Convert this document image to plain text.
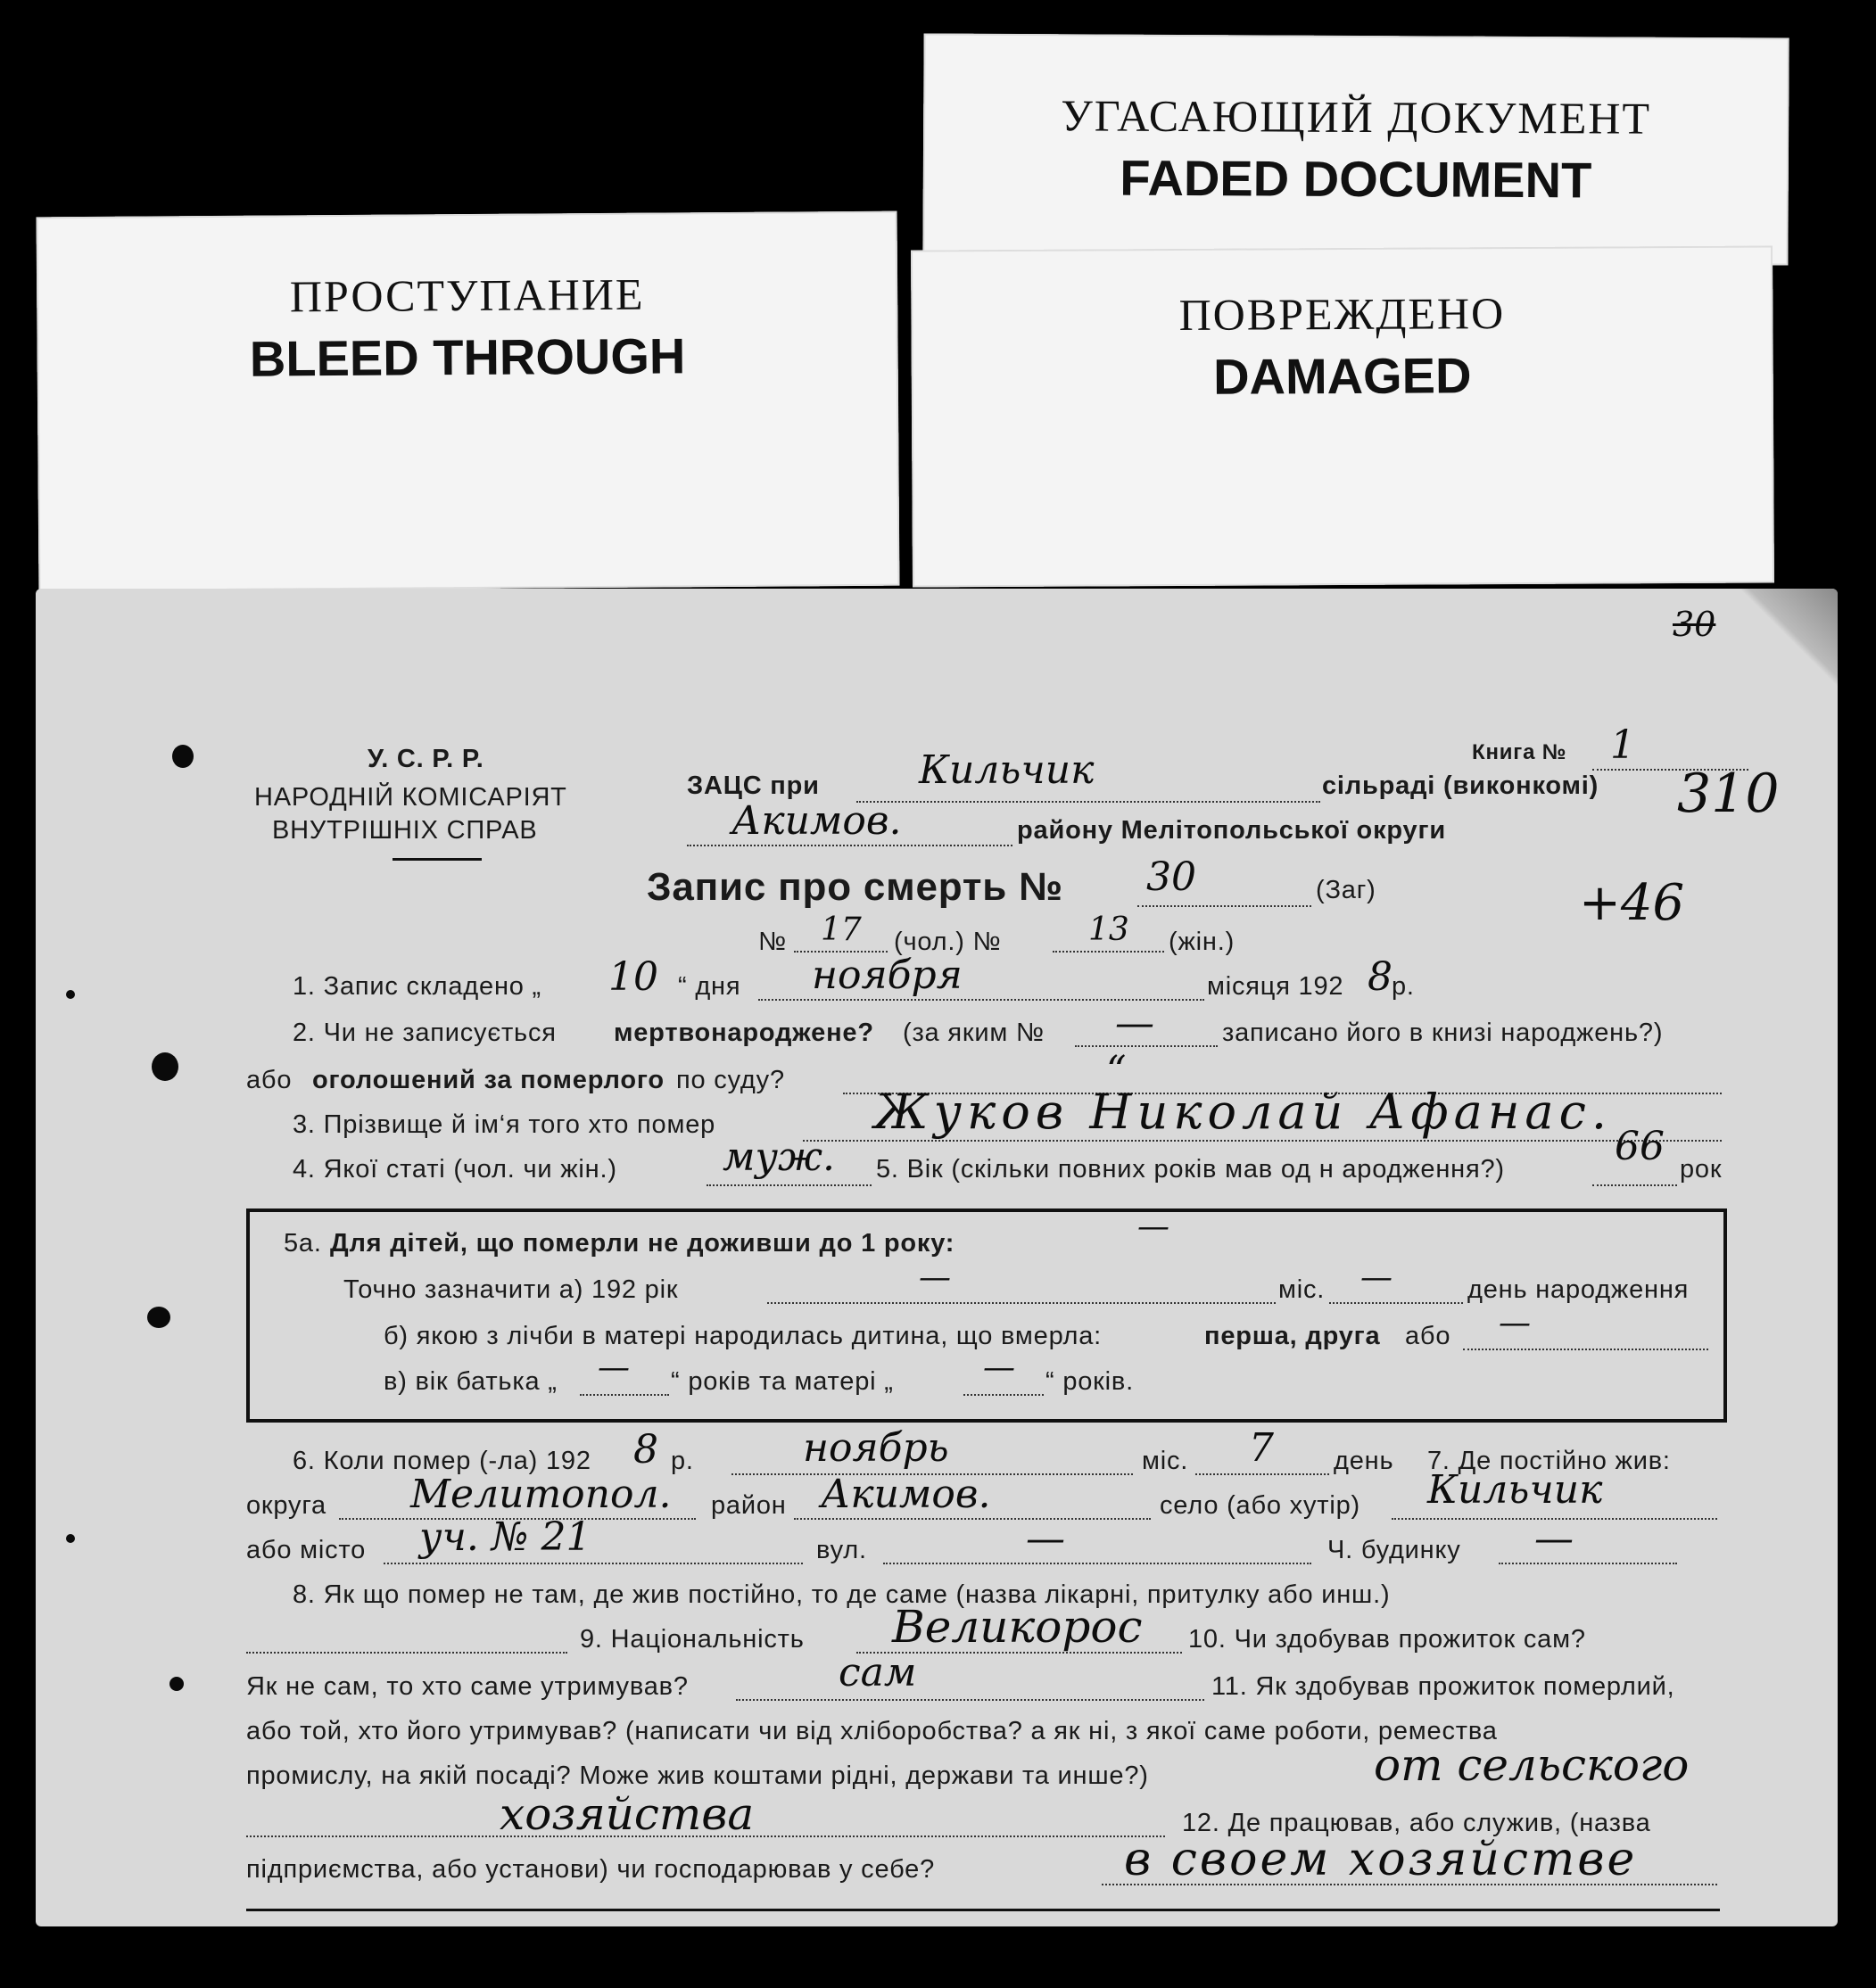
УГАСАЮЩИЙ ДОКУМЕНТ
FADED DOCUMENT
ПРОСТУПАНИЕ
BLEED THROUGH
ПОВРЕЖДЕНО
DAMAGED
30
310
+46
У. С. Р. Р.
НАРОДНІЙ КОМІСАРІЯТ
ВНУТРІШНІХ СПРАВ
Книга № 1
ЗАЦС при	Кильчик	сільраді (виконкомі)
Акимов.	району Мелітопольської округи
Запис про смерть № 30	(Заг)
№ 17 (чол.) №	13 (жін.)
1. Запис складено „ 10 “ дня ноября	місяця 192 8 р.
2. Чи не записується мертвонароджене? (за яким № —	записано його в книзі народжень?)
або оголошений за померлого по суду?	“
3. Прізвище й ім‘я того хто помер	Жуков Николай Афанас.
4. Якої статі (чол. чи жін.)	муж. 5. Вік (скільки повних років мав од н ародження?)	66 рок
5а. Для дітей, що померли не доживши до 1 року:	—
Точно зазначити а) 192 рік	—	міс. —	день народження
б) якою з лічби в матері народилась дитина, що вмерла:	перша, друга або —
в) вік батька „ — “ років та матері „	— “ років.
6. Коли помер (-ла) 192 8 р.	ноябрь	міс. 7 день 7. Де постійно жив:
округа Мелитопол. район Акимов.	село (або хутір) Кильчик
або місто уч. № 21	вул.	—	Ч. будинку —
8. Як що помер не там, де жив постійно, то де саме (назва лікарні, притулку або инш.)
9. Національність Великорос 10. Чи здобував прожиток сам?
Як не сам, то хто саме утримував?	сам	11. Як здобував прожиток померлий,
або той, хто його утримував? (написати чи від хліборобства? а як ні, з якої саме роботи, ремества
промислу, на якій посаді? Може жив коштами рідні, держави та инше?)	от сельского
хозяйства	12. Де працював, або служив, (назва
підприємства, або установи) чи господарював у себе?	в своем хозяйстве
